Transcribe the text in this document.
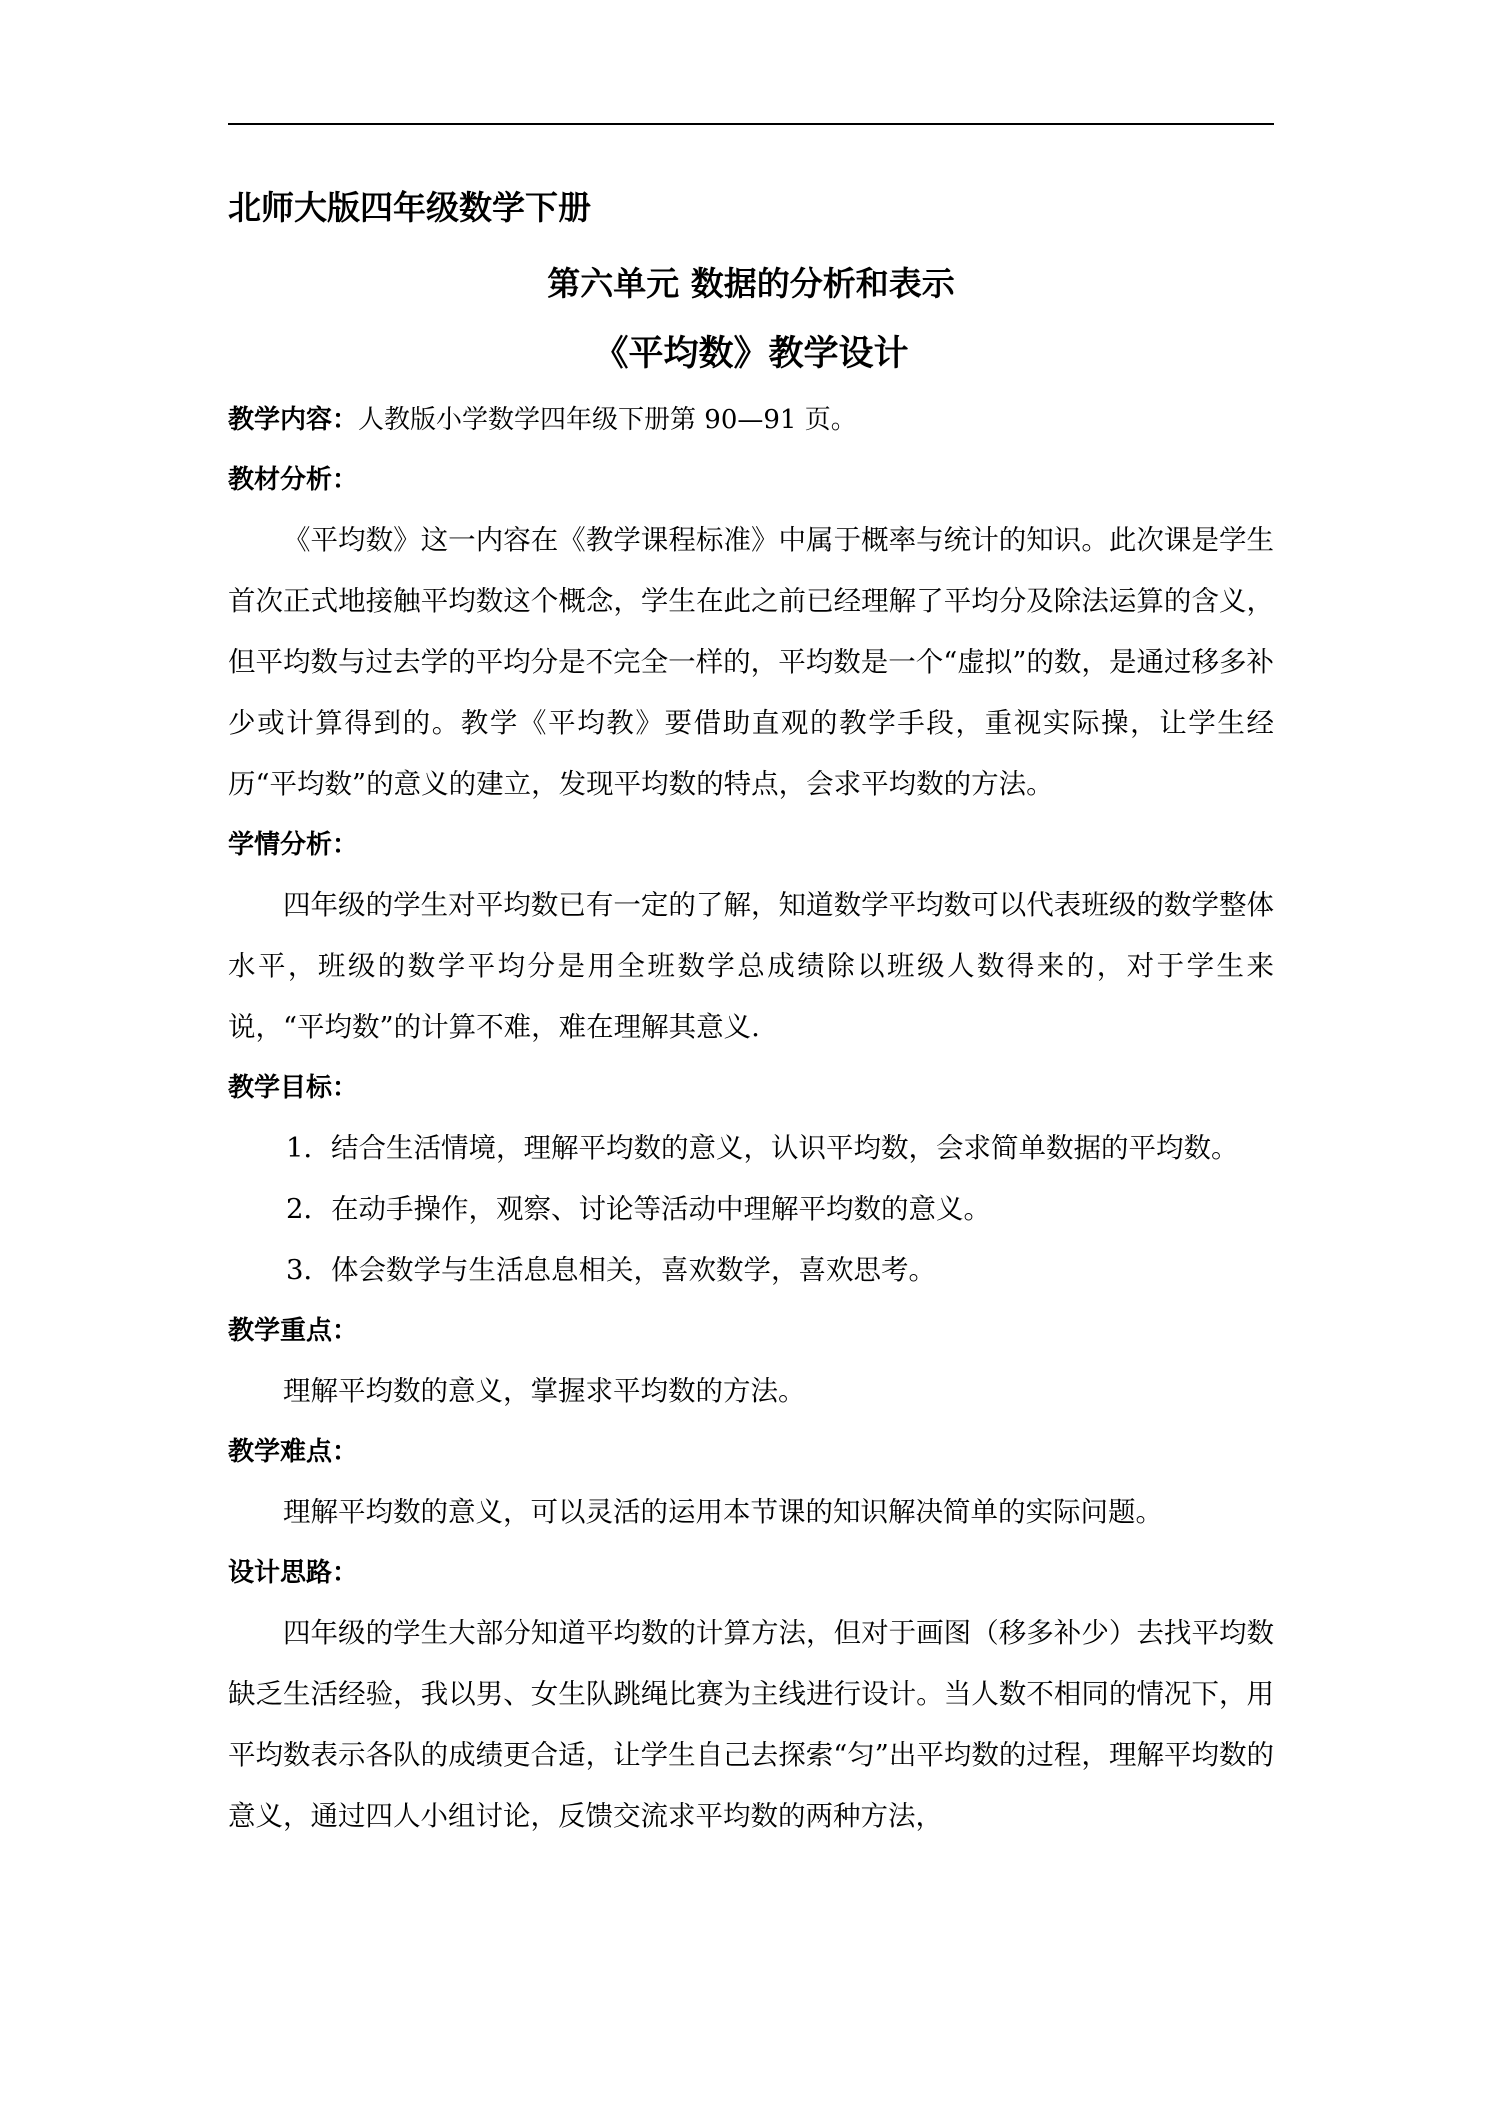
北师大版四年级数学下册
第六单元 数据的分析和表示
《平均数》教学设计
教学内容：人教版小学数学四年级下册第 90—91 页。
教材分析：

《平均数》这一内容在《教学课程标准》中属于概率与统计的知识。此次课是学生首次正式地接触平均数这个概念，学生在此之前已经理解了平均分及除法运算的含义，但平均数与过去学的平均分是不完全一样的，平均数是一个“虚拟”的数，是通过移多补少或计算得到的。教学《平均教》要借助直观的教学手段，重视实际操，让学生经历“平均数”的意义的建立，发现平均数的特点，会求平均数的方法。

学情分析：

四年级的学生对平均数已有一定的了解，知道数学平均数可以代表班级的数学整体水平，班级的数学平均分是用全班数学总成绩除以班级人数得来的，对于学生来说，“平均数”的计算不难，难在理解其意义.

教学目标：

1．结合生活情境，理解平均数的意义，认识平均数，会求简单数据的平均数。

2．在动手操作，观察、讨论等活动中理解平均数的意义。

3．体会数学与生活息息相关，喜欢数学，喜欢思考。

教学重点：

理解平均数的意义，掌握求平均数的方法。

教学难点：

理解平均数的意义，可以灵活的运用本节课的知识解决简单的实际问题。

设计思路：

四年级的学生大部分知道平均数的计算方法，但对于画图（移多补少）去找平均数缺乏生活经验，我以男、女生队跳绳比赛为主线进行设计。当人数不相同的情况下，用平均数表示各队的成绩更合适，让学生自己去探索“匀”出平均数的过程，理解平均数的意义，通过四人小组讨论，反馈交流求平均数的两种方法，
